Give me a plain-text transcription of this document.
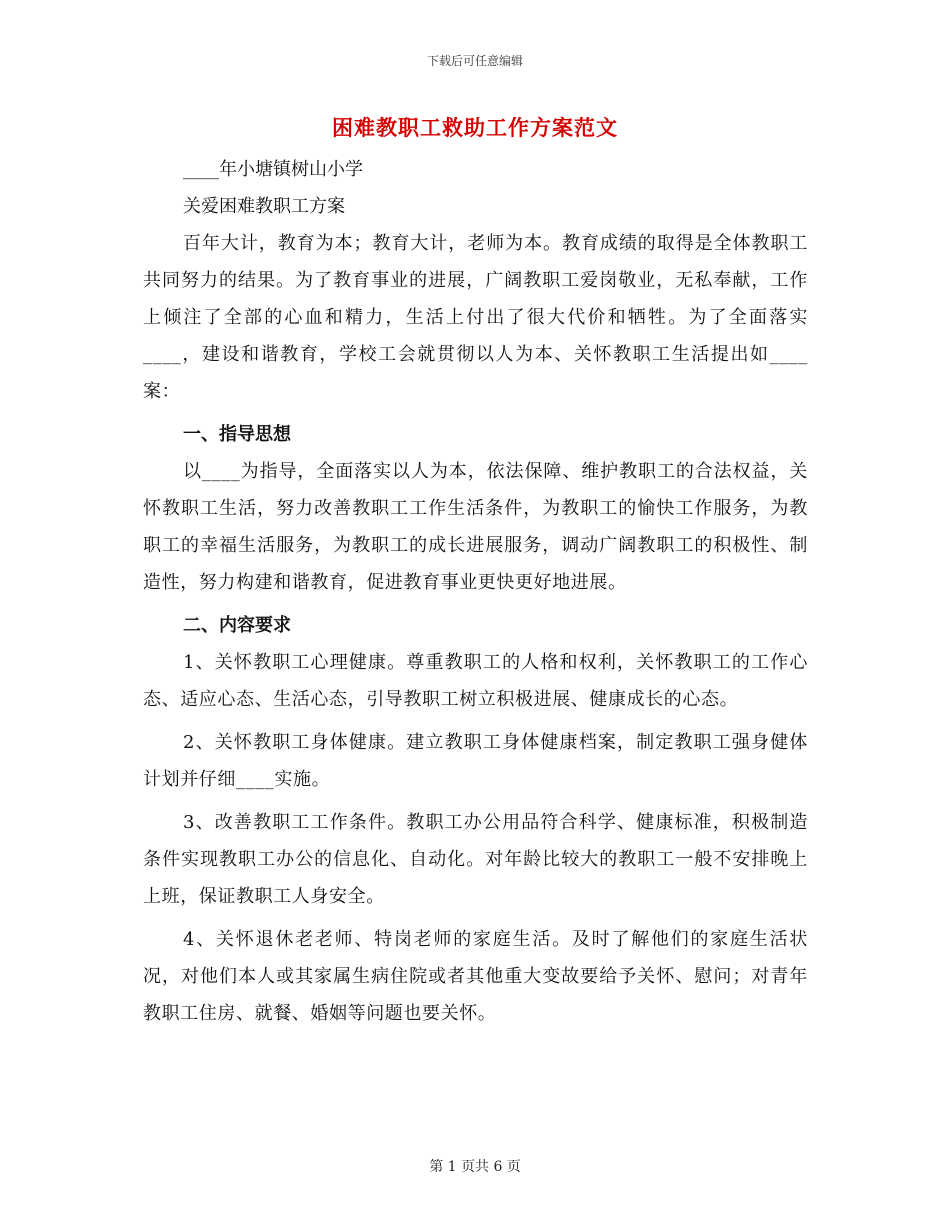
下载后可任意编辑
困难教职工救助工作方案范文

____年小塘镇树山小学

关爱困难教职工方案

百年大计，教育为本；教育大计，老师为本。教育成绩的取得是全体教职工共同努力的结果。为了教育事业的进展，广阔教职工爱岗敬业，无私奉献，工作上倾注了全部的心血和精力，生活上付出了很大代价和牺牲。为了全面落实____，建设和谐教育，学校工会就贯彻以人为本、关怀教职工生活提出如____案：

一、指导思想

以____为指导，全面落实以人为本，依法保障、维护教职工的合法权益，关怀教职工生活，努力改善教职工工作生活条件，为教职工的愉快工作服务，为教职工的幸福生活服务，为教职工的成长进展服务，调动广阔教职工的积极性、制造性，努力构建和谐教育，促进教育事业更快更好地进展。

二、内容要求

1、关怀教职工心理健康。尊重教职工的人格和权利，关怀教职工的工作心态、适应心态、生活心态，引导教职工树立积极进展、健康成长的心态。

2、关怀教职工身体健康。建立教职工身体健康档案，制定教职工强身健体计划并仔细____实施。

3、改善教职工工作条件。教职工办公用品符合科学、健康标准，积极制造条件实现教职工办公的信息化、自动化。对年龄比较大的教职工一般不安排晚上上班，保证教职工人身安全。

4、关怀退休老老师、特岗老师的家庭生活。及时了解他们的家庭生活状况，对他们本人或其家属生病住院或者其他重大变故要给予关怀、慰问；对青年教职工住房、就餐、婚姻等问题也要关怀。

第 1 页共 6 页
